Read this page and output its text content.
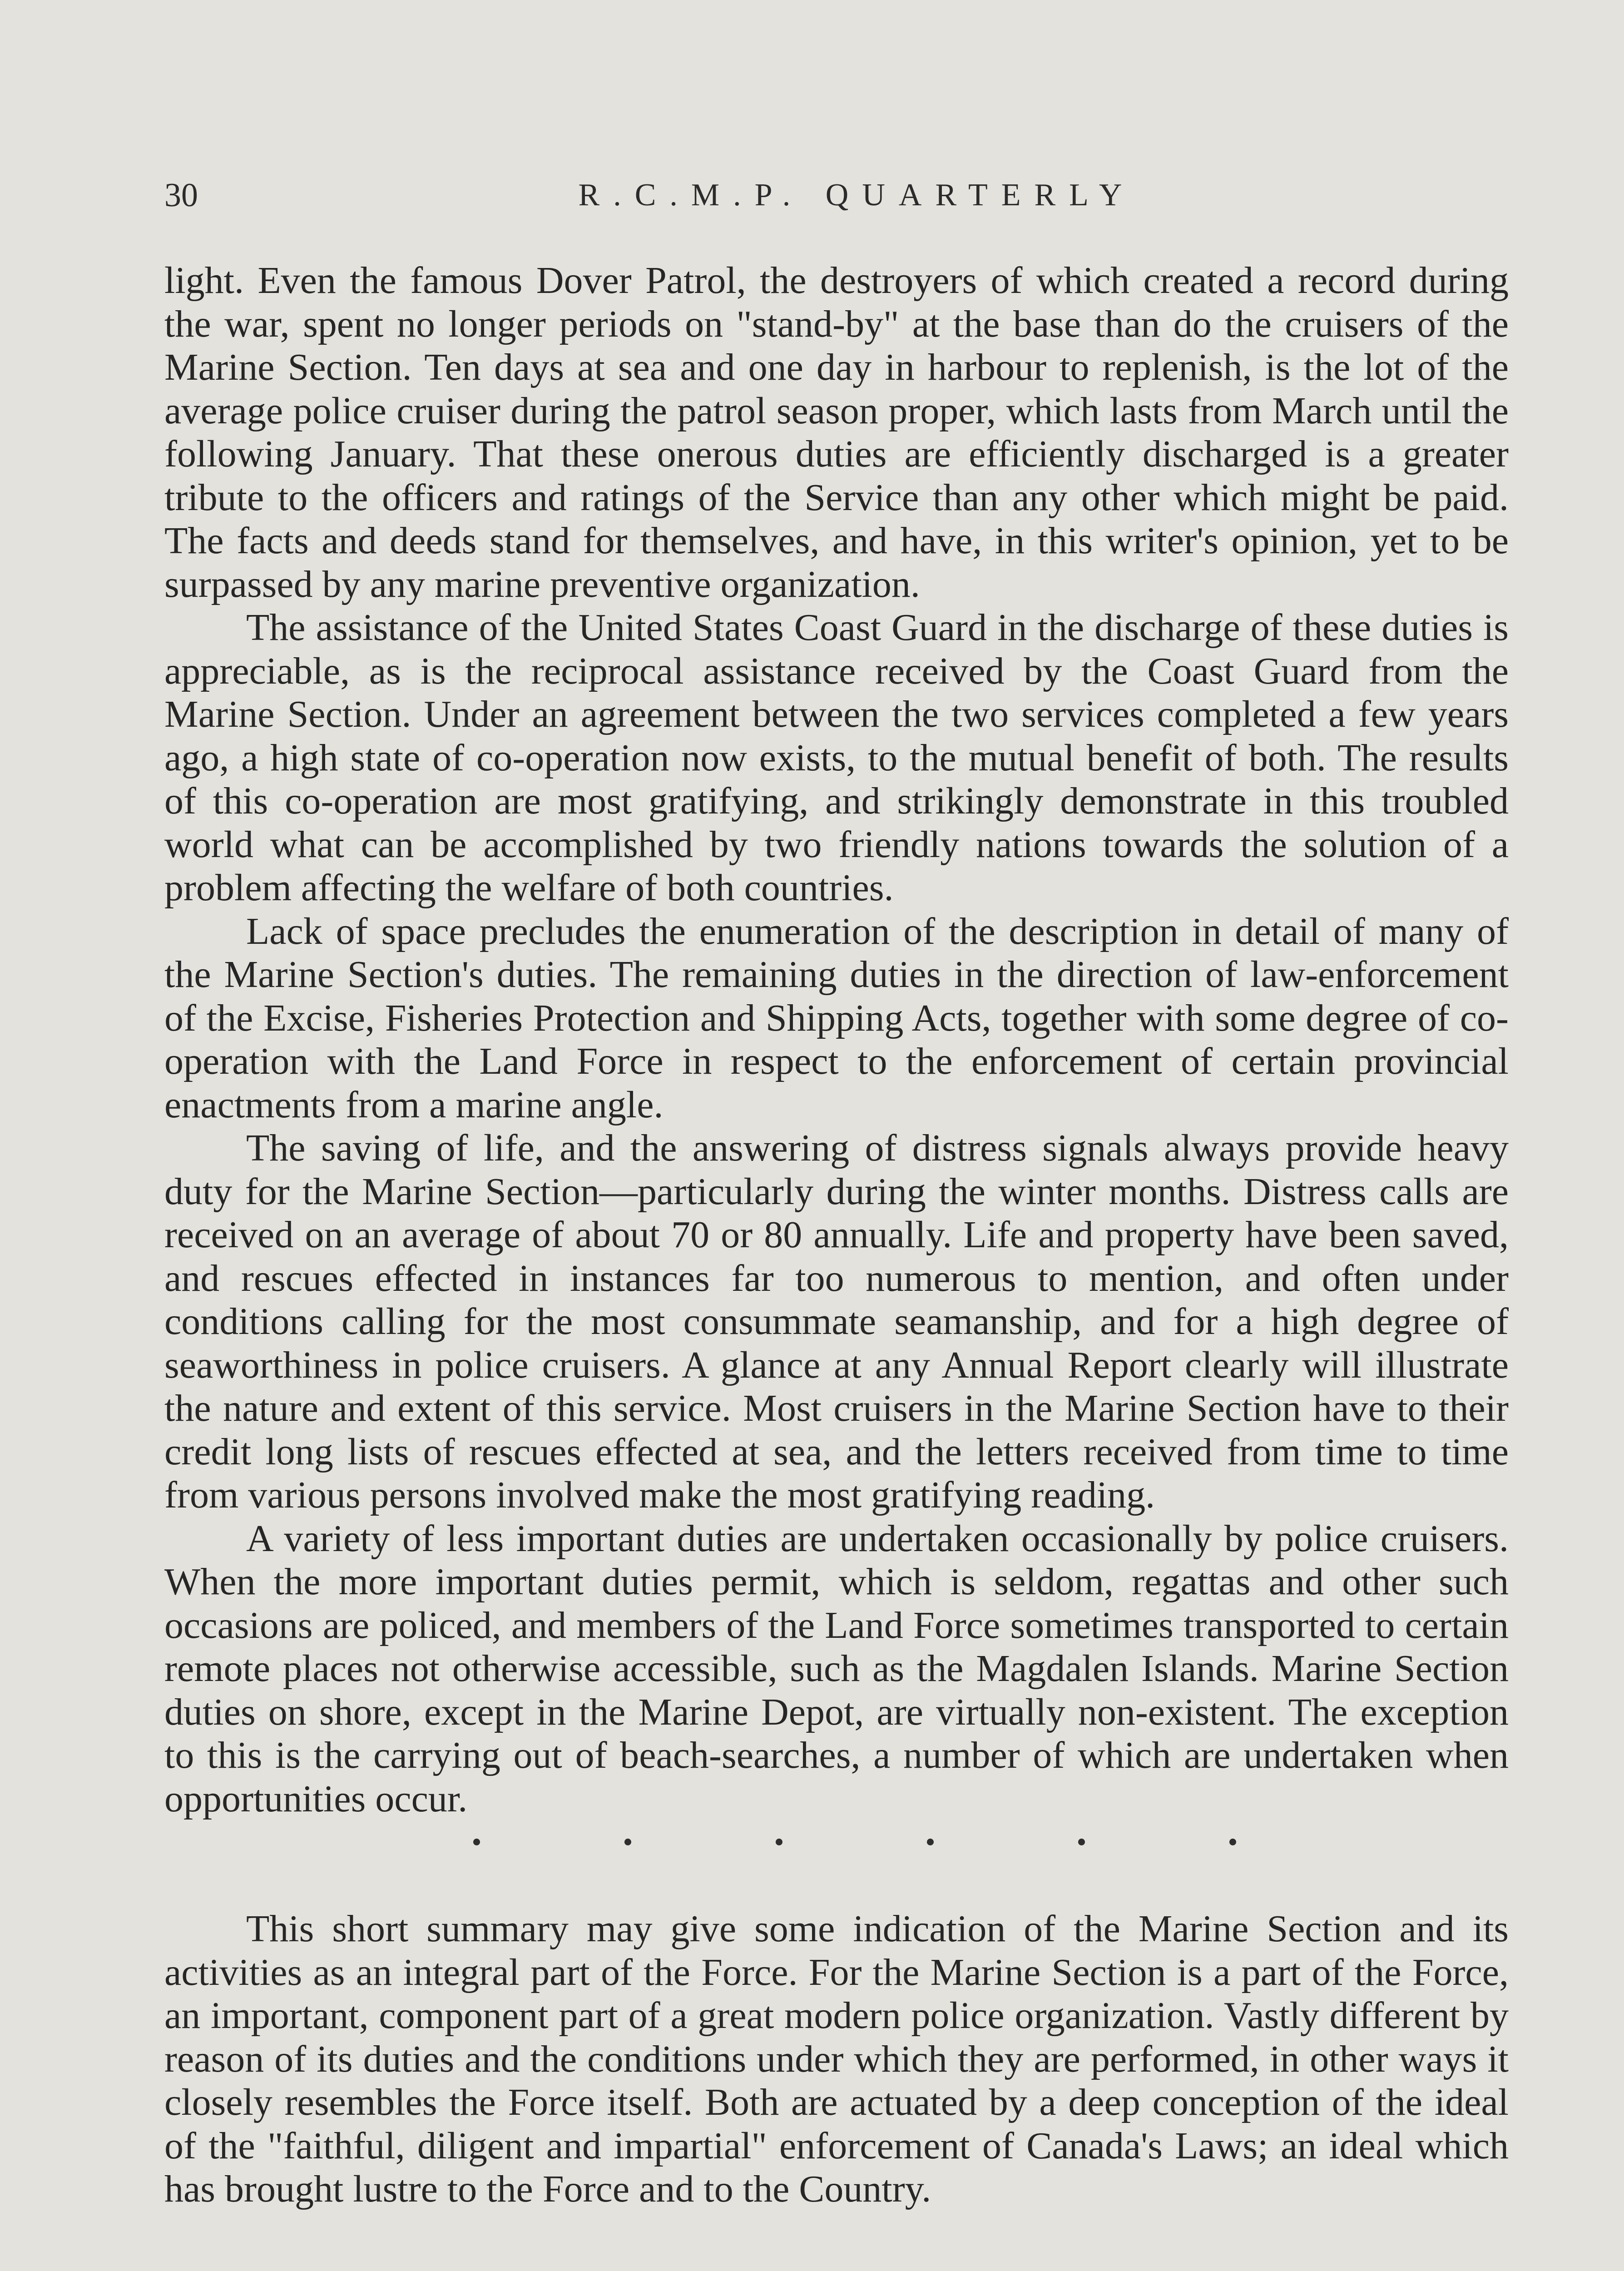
30	R.C.M.P. QUARTERLY

light. Even the famous Dover Patrol, the destroyers of which created a record during the war, spent no longer periods on "stand-by" at the base than do the cruisers of the Marine Section. Ten days at sea and one day in harbour to replenish, is the lot of the average police cruiser during the patrol season proper, which lasts from March until the following January. That these onerous duties are efficiently discharged is a greater tribute to the officers and ratings of the Service than any other which might be paid. The facts and deeds stand for themselves, and have, in this writer's opinion, yet to be surpassed by any marine preventive organization.

The assistance of the United States Coast Guard in the discharge of these duties is appreciable, as is the reciprocal assistance received by the Coast Guard from the Marine Section. Under an agreement between the two services completed a few years ago, a high state of co-operation now exists, to the mutual benefit of both. The results of this co-operation are most gratifying, and strikingly demonstrate in this troubled world what can be accomplished by two friendly nations towards the solution of a problem affecting the welfare of both countries.

Lack of space precludes the enumeration of the description in detail of many of the Marine Section's duties. The remaining duties in the direction of law-enforcement of the Excise, Fisheries Protection and Shipping Acts, together with some degree of co-operation with the Land Force in respect to the enforcement of certain provincial enactments from a marine angle.

The saving of life, and the answering of distress signals always provide heavy duty for the Marine Section—particularly during the winter months. Distress calls are received on an average of about 70 or 80 annually. Life and property have been saved, and rescues effected in instances far too numerous to mention, and often under conditions calling for the most consummate seamanship, and for a high degree of seaworthiness in police cruisers. A glance at any Annual Report clearly will illustrate the nature and extent of this service. Most cruisers in the Marine Section have to their credit long lists of rescues effected at sea, and the letters received from time to time from various persons involved make the most gratifying reading.

A variety of less important duties are undertaken occasionally by police cruisers. When the more important duties permit, which is seldom, regattas and other such occasions are policed, and members of the Land Force sometimes transported to certain remote places not otherwise accessible, such as the Magdalen Islands. Marine Section duties on shore, except in the Marine Depot, are virtually non-existent. The exception to this is the carrying out of beach-searches, a number of which are undertaken when opportunities occur.

This short summary may give some indication of the Marine Section and its activities as an integral part of the Force. For the Marine Section is a part of the Force, an important, component part of a great modern police organization. Vastly different by reason of its duties and the conditions under which they are performed, in other ways it closely resembles the Force itself. Both are actuated by a deep conception of the ideal of the "faithful, diligent and impartial" enforcement of Canada's Laws; an ideal which has brought lustre to the Force and to the Country.
